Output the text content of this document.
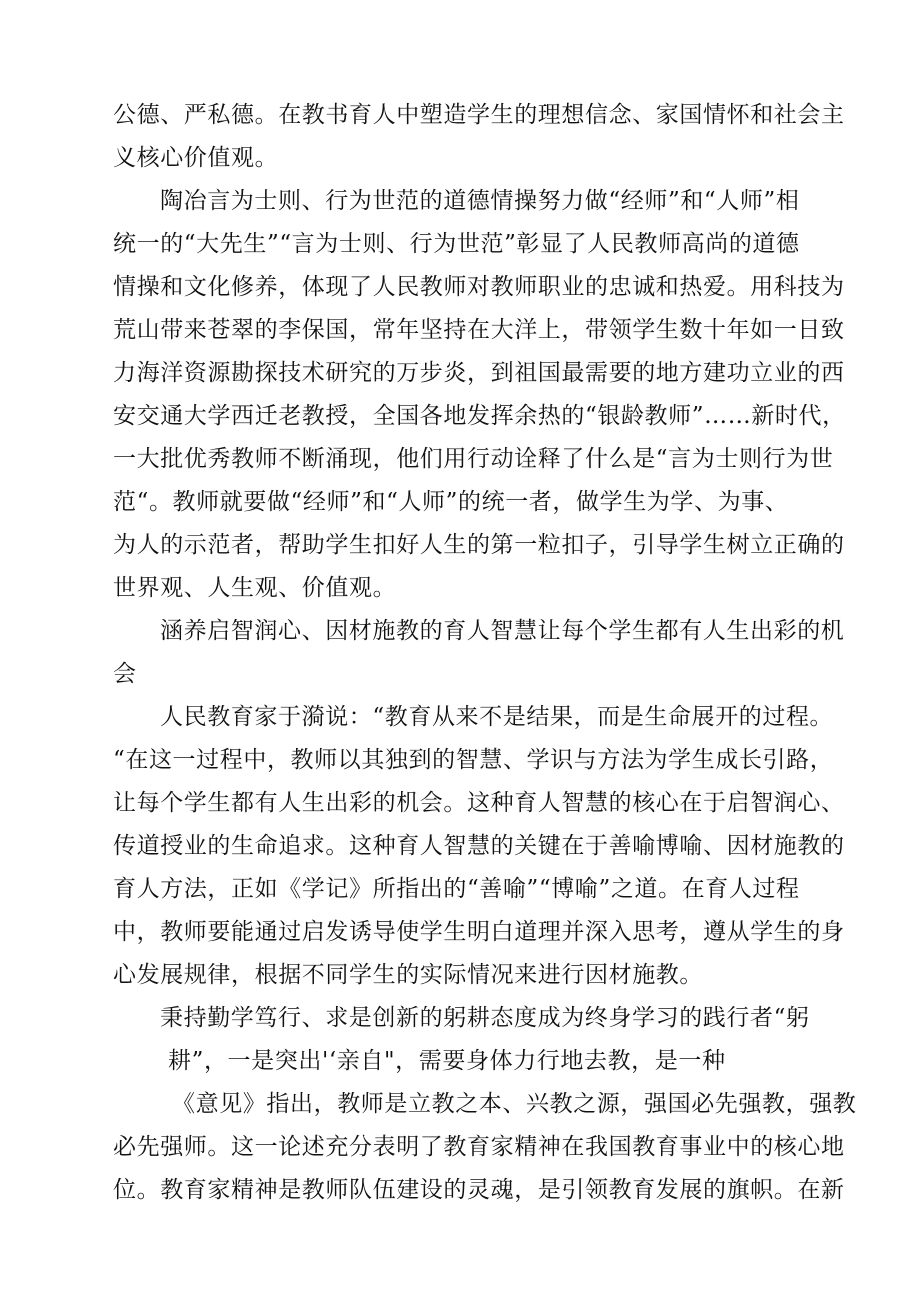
公德、严私德。在教书育人中塑造学生的理想信念、家国情怀和社会主
义核心价值观。
陶冶言为士则、行为世范的道德情操努力做“经师”和“人师”相
统一的“大先生”“言为士则、行为世范”彰显了人民教师高尚的道德
情操和文化修养，体现了人民教师对教师职业的忠诚和热爱。用科技为
荒山带来苍翠的李保国，常年坚持在大洋上，带领学生数十年如一日致
力海洋资源勘探技术研究的万步炎，到祖国最需要的地方建功立业的西
安交通大学西迁老教授，全国各地发挥余热的“银龄教师”……新时代，
一大批优秀教师不断涌现，他们用行动诠释了什么是“言为士则行为世
范“。教师就要做“经师”和“人师”的统一者，做学生为学、为事、
为人的示范者，帮助学生扣好人生的第一粒扣子，引导学生树立正确的
世界观、人生观、价值观。
涵养启智润心、因材施教的育人智慧让每个学生都有人生出彩的机
会
人民教育家于漪说：“教育从来不是结果，而是生命展开的过程。
“在这一过程中，教师以其独到的智慧、学识与方法为学生成长引路，
让每个学生都有人生出彩的机会。这种育人智慧的核心在于启智润心、
传道授业的生命追求。这种育人智慧的关键在于善喻博喻、因材施教的
育人方法，正如《学记》所指出的“善喻”“博喻”之道。在育人过程
中，教师要能通过启发诱导使学生明白道理并深入思考，遵从学生的身
心发展规律，根据不同学生的实际情况来进行因材施教。
秉持勤学笃行、求是创新的躬耕态度成为终身学习的践行者“躬
耕”，一是突出'‘亲自"，需要身体力行地去教，是一种
《意见》指出，教师是立教之本、兴教之源，强国必先强教，强教
必先强师。这一论述充分表明了教育家精神在我国教育事业中的核心地
位。教育家精神是教师队伍建设的灵魂，是引领教育发展的旗帜。在新
